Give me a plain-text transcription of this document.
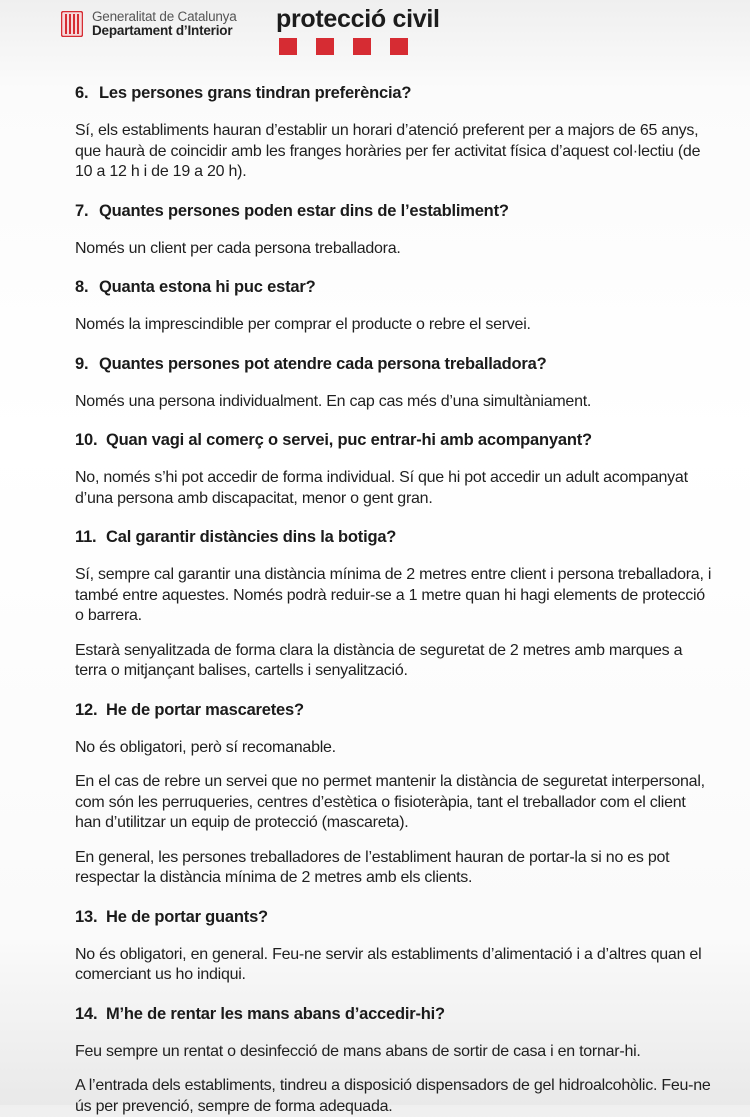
Generalitat de Catalunya
Departament d’Interior protecció civil

6. Les persones grans tindran preferència?

Sí, els establiments hauran d’establir un horari d’atenció preferent per a majors de 65 anys, que haurà de coincidir amb les franges horàries per fer activitat física d’aquest col·lectiu (de 10 a 12 h i de 19 a 20 h).

7. Quantes persones poden estar dins de l’establiment?

Només un client per cada persona treballadora.

8. Quanta estona hi puc estar?

Només la imprescindible per comprar el producte o rebre el servei.

9. Quantes persones pot atendre cada persona treballadora?

Només una persona individualment. En cap cas més d’una simultàniament.

10. Quan vagi al comerç o servei, puc entrar-hi amb acompanyant?

No, només s’hi pot accedir de forma individual. Sí que hi pot accedir un adult acompanyat d’una persona amb discapacitat, menor o gent gran.

11. Cal garantir distàncies dins la botiga?

Sí, sempre cal garantir una distància mínima de 2 metres entre client i persona treballadora, i també entre aquestes. Només podrà reduir-se a 1 metre quan hi hagi elements de protecció o barrera.

Estarà senyalitzada de forma clara la distància de seguretat de 2 metres amb marques a terra o mitjançant balises, cartells i senyalització.

12. He de portar mascaretes?

No és obligatori, però sí recomanable.

En el cas de rebre un servei que no permet mantenir la distància de seguretat interpersonal, com són les perruqueries, centres d’estètica o fisioteràpia, tant el treballador com el client han d’utilitzar un equip de protecció (mascareta).

En general, les persones treballadores de l’establiment hauran de portar-la si no es pot respectar la distància mínima de 2 metres amb els clients.

13. He de portar guants?

No és obligatori, en general. Feu-ne servir als establiments d’alimentació i a d’altres quan el comerciant us ho indiqui.

14. M’he de rentar les mans abans d’accedir-hi?

Feu sempre un rentat o desinfecció de mans abans de sortir de casa i en tornar-hi.

A l’entrada dels establiments, tindreu a disposició dispensadors de gel hidroalcohòlic. Feu-ne ús per prevenció, sempre de forma adequada.
